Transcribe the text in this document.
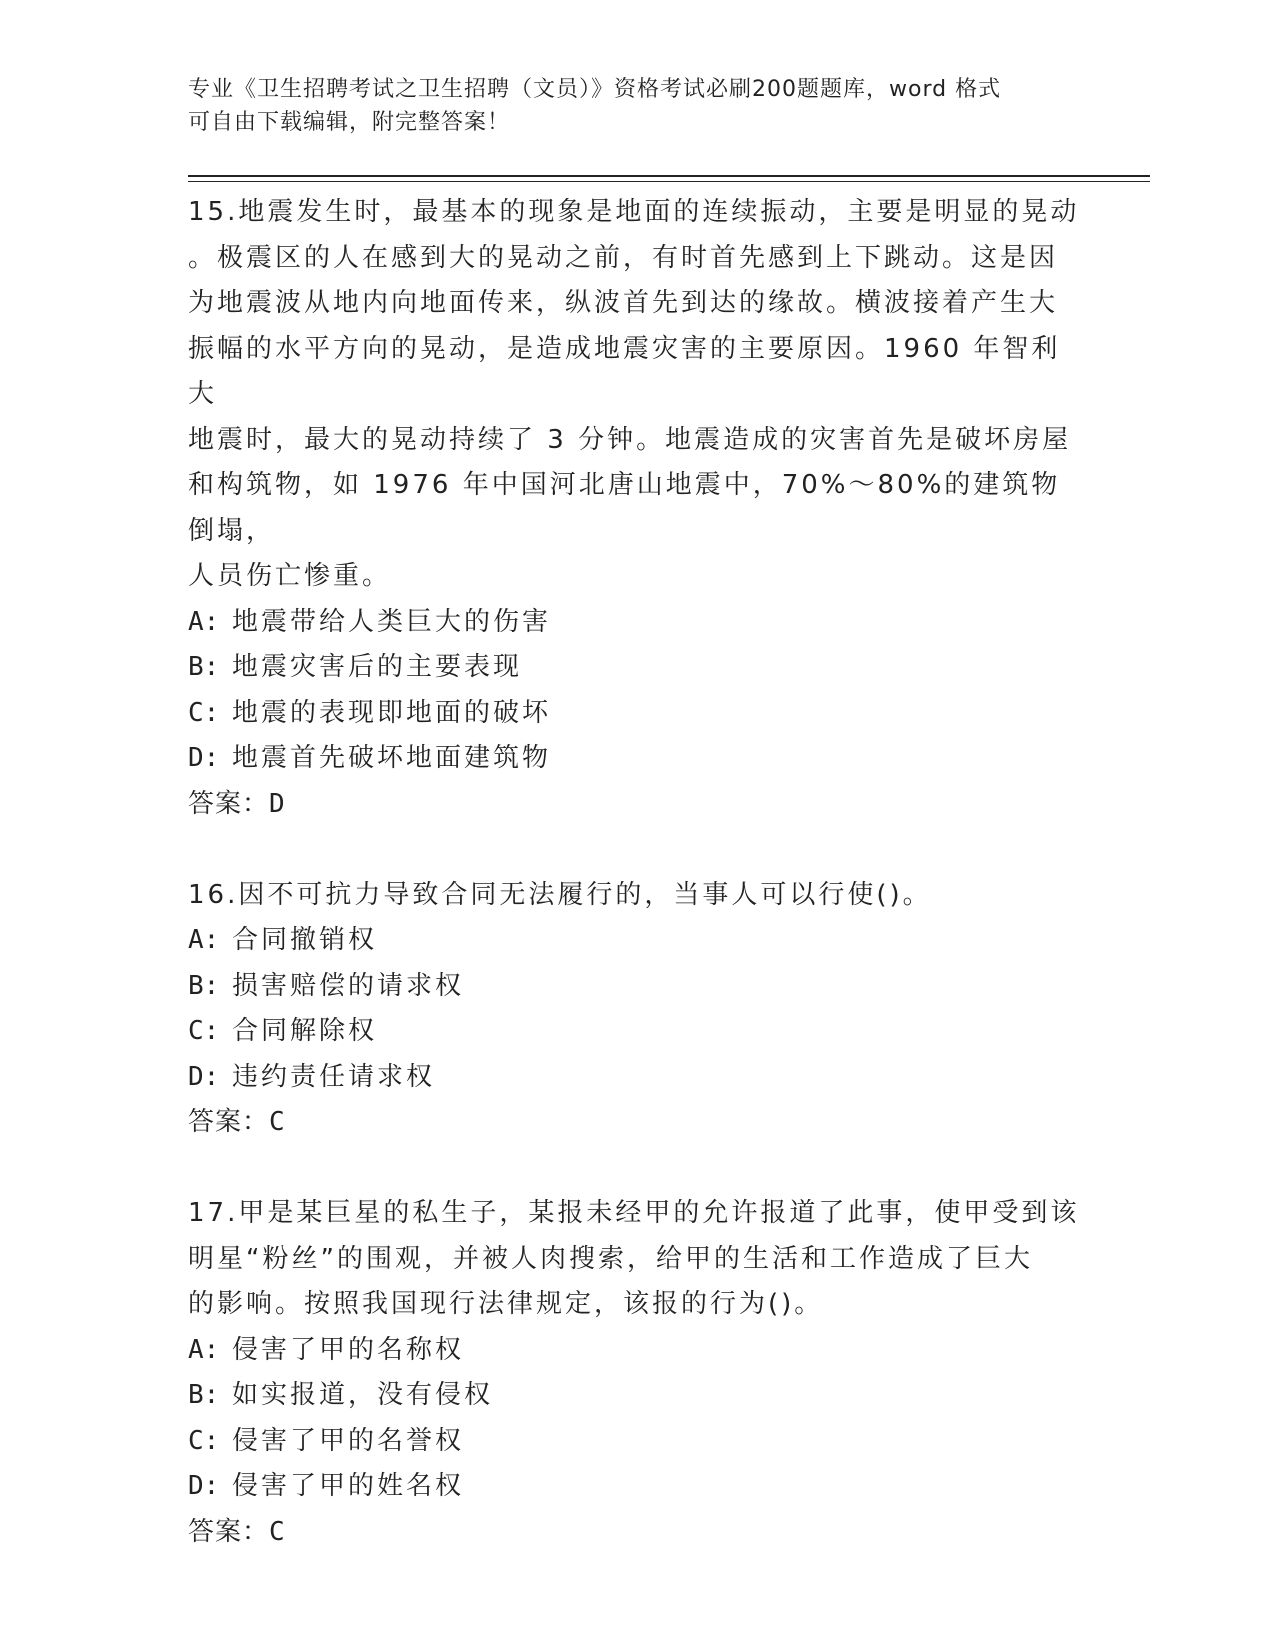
专业《卫生招聘考试之卫生招聘（文员）》资格考试必刷200题题库，word 格式
可自由下载编辑，附完整答案！
15.地震发生时，最基本的现象是地面的连续振动，主要是明显的晃动
。极震区的人在感到大的晃动之前，有时首先感到上下跳动。这是因
为地震波从地内向地面传来，纵波首先到达的缘故。横波接着产生大
振幅的水平方向的晃动，是造成地震灾害的主要原因。1960 年智利大
地震时，最大的晃动持续了 3 分钟。地震造成的灾害首先是破坏房屋
和构筑物，如 1976 年中国河北唐山地震中，70%～80%的建筑物倒塌，
人员伤亡惨重。
A: 地震带给人类巨大的伤害
B: 地震灾害后的主要表现
C: 地震的表现即地面的破坏
D: 地震首先破坏地面建筑物
答案：D
16.因不可抗力导致合同无法履行的，当事人可以行使()。
A: 合同撤销权
B: 损害赔偿的请求权
C: 合同解除权
D: 违约责任请求权
答案：C
17.甲是某巨星的私生子，某报未经甲的允许报道了此事，使甲受到该
明星“粉丝”的围观，并被人肉搜索，给甲的生活和工作造成了巨大
的影响。按照我国现行法律规定，该报的行为()。
A: 侵害了甲的名称权
B: 如实报道，没有侵权
C: 侵害了甲的名誉权
D: 侵害了甲的姓名权
答案：C
